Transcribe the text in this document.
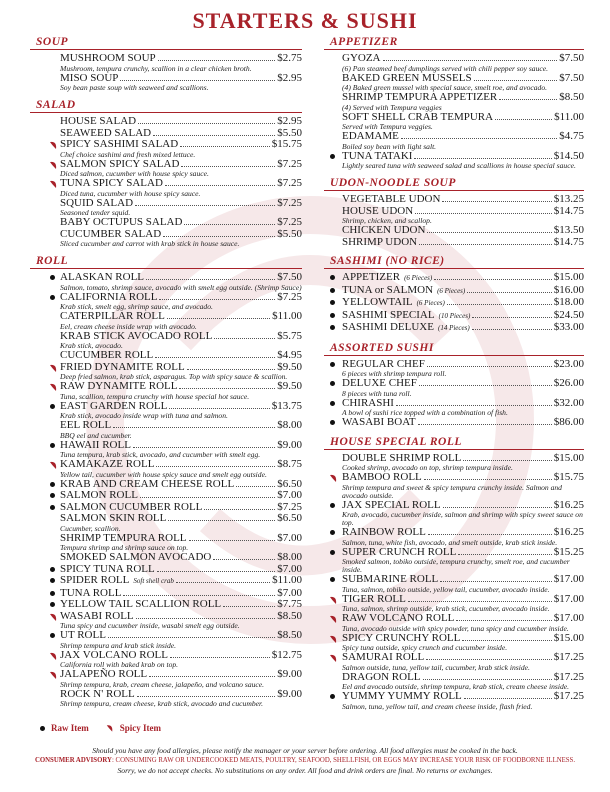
STARTERS & SUSHI
SOUP
MUSHROOM SOUP	$2.75
Mushroom, tempura crunchy, scallion in a clear chicken broth.
MISO SOUP	$2.95
Soy bean paste soup with seaweed and scallions.
SALAD
HOUSE SALAD	$2.95
SEAWEED SALAD	$5.50
SPICY SASHIMI SALAD	$15.75
Chef choice sashimi and fresh mixed lettuce.
SALMON SPICY SALAD	$7.25
Diced salmon, cucumber with house spicy sauce.
TUNA SPICY SALAD	$7.25
Diced tuna, cucumber with house spicy sauce.
SQUID SALAD	$7.25
Seasoned tender squid.
BABY OCTUPUS SALAD	$7.25
CUCUMBER SALAD	$5.50
Sliced cucumber and carrot with krab stick in house sauce.
ROLL
ALASKAN ROLL	$7.50
Salmon, tomato, shrimp sauce, avocado with smelt egg outside. (Shrimp Sauce)
CALIFORNIA ROLL	$7.25
Krab stick, smelt egg, shrimp sauce, and avocado.
CATERPILLAR ROLL	$11.00
Eel, cream cheese inside wrap with avocado.
KRAB STICK AVOCADO ROLL	$5.75
Krab stick, avocado.
CUCUMBER ROLL	$4.95
FRIED DYNAMITE ROLL	$9.50
Deep fried salmon, krab stick, asparagus. Top with spicy sauce & scallion.
RAW DYNAMITE ROLL	$9.50
Tuna, scallion, tempura crunchy with house special hot sauce.
EAST GARDEN ROLL	$13.75
Krab stick, avocado inside wrap with tuna and salmon.
EEL ROLL	$8.00
BBQ eel and cucumber.
HAWAII ROLL	$9.00
Tuna tempura, krab stick, avocado, and cucumber with smelt egg.
KAMAKAZE ROLL	$8.75
Yellow tail, cucumber with house spicy sauce and smelt egg outside.
KRAB AND CREAM CHEESE ROLL	$6.50
SALMON ROLL	$7.00
SALMON CUCUMBER ROLL	$7.25
SALMON SKIN ROLL	$6.50
Cucumber, scallion.
SHRIMP TEMPURA ROLL	$7.00
Tempura shrimp and shrimp sauce on top.
SMOKED SALMON AVOCADO	$8.00
SPICY TUNA ROLL	$7.00
SPIDER ROLL Soft shell crab	$11.00
TUNA ROLL	$7.00
YELLOW TAIL SCALLION ROLL	$7.75
WASABI ROLL	$8.50
Tuna spicy and cucumber inside, wasabi smelt egg outside.
UT ROLL	$8.50
Shrimp tempura and krab stick inside.
JAX VOLCANO ROLL	$12.75
California roll with baked krab on top.
JALAPEÑO ROLL	$9.00
Shrimp tempura, krab, cream cheese, jalapeño, and volcano sauce.
ROCK N' ROLL	$9.00
Shrimp tempura, cream cheese, krab stick, avocado and cucumber.
APPETIZER
GYOZA	$7.50
(6) Pan steamed beef dumplings served with chili pepper soy sauce.
BAKED GREEN MUSSELS	$7.50
(4) Baked green mussel with special sauce, smelt roe, and avocado.
SHRIMP TEMPURA APPETIZER	$8.50
(4) Served with Tempura veggies
SOFT SHELL CRAB TEMPURA	$11.00
Served with Tempura veggies.
EDAMAME	$4.75
Boiled soy bean with light salt.
TUNA TATAKI	$14.50
Lightly seared tuna with seaweed salad and scallions in house special sauce.
UDON-NOODLE SOUP
VEGETABLE UDON	$13.25
HOUSE UDON	$14.75
Shrimp, chicken, and scallop.
CHICKEN UDON	$13.50
SHRIMP UDON	$14.75
SASHIMI (NO RICE)
APPETIZER (6 Pieces)	$15.00
TUNA or SALMON (6 Pieces)	$16.00
YELLOWTAIL (6 Pieces)	$18.00
SASHIMI SPECIAL (10 Pieces)	$24.50
SASHIMI DELUXE (14 Pieces)	$33.00
ASSORTED SUSHI
REGULAR CHEF	$23.00
6 pieces with shrimp tempura roll.
DELUXE CHEF	$26.00
8 pieces with tuna roll.
CHIRASHI	$32.00
A bowl of sushi rice topped with a combination of fish.
WASABI BOAT	$86.00
HOUSE SPECIAL ROLL
DOUBLE SHRIMP ROLL	$15.00
Cooked shrimp, avocado on top, shrimp tempura inside.
BAMBOO ROLL	$15.75
Shrimp tempura and sweet & spicy tempura crunchy inside. Salmon and avocado outside.
JAX SPECIAL ROLL	$16.25
Krab, avocado, cucumber inside, salmon and shrimp with spicy sweet sauce on top.
RAINBOW ROLL	$16.25
Salmon, tuna, white fish, avocado, and smelt outside, krab stick inside.
SUPER CRUNCH ROLL	$15.25
Smoked salmon, tobiko outside, tempura crunchy, smelt roe, and cucumber inside.
SUBMARINE ROLL	$17.00
Tuna, salmon, tobiko outside, yellow tail, cucumber, avocado inside.
TIGER ROLL	$17.00
Tuna, salmon, shrimp outside, krab stick, cucumber, avocado inside.
RAW VOLCANO ROLL	$17.00
Tuna, avocado outside with spicy powder, tuna spicy and cucumber inside.
SPICY CRUNCHY ROLL	$15.00
Spicy tuna outside, spicy crunch and cucumber inside.
SAMURAI ROLL	$17.25
Salmon outside, tuna, yellow tail, cucumber, krab stick inside.
DRAGON ROLL	$17.25
Eel and avocado outside, shrimp tempura, krab stick, cream cheese inside.
YUMMY YUMMY ROLL	$17.25
Salmon, tuna, yellow tail, and cream cheese inside, flash fried.
Raw Item	Spicy Item
Should you have any food allergies, please notify the manager or your server before ordering. All food allergies must be cooked in the back.
CONSUMER ADVISORY: CONSUMING RAW OR UNDERCOOKED MEATS, POULTRY, SEAFOOD, SHELLFISH, OR EGGS MAY INCREASE YOUR RISK OF FOODBORNE ILLNESS.
Sorry, we do not accept checks. No substitutions on any order. All food and drink orders are final. No returns or exchanges.
